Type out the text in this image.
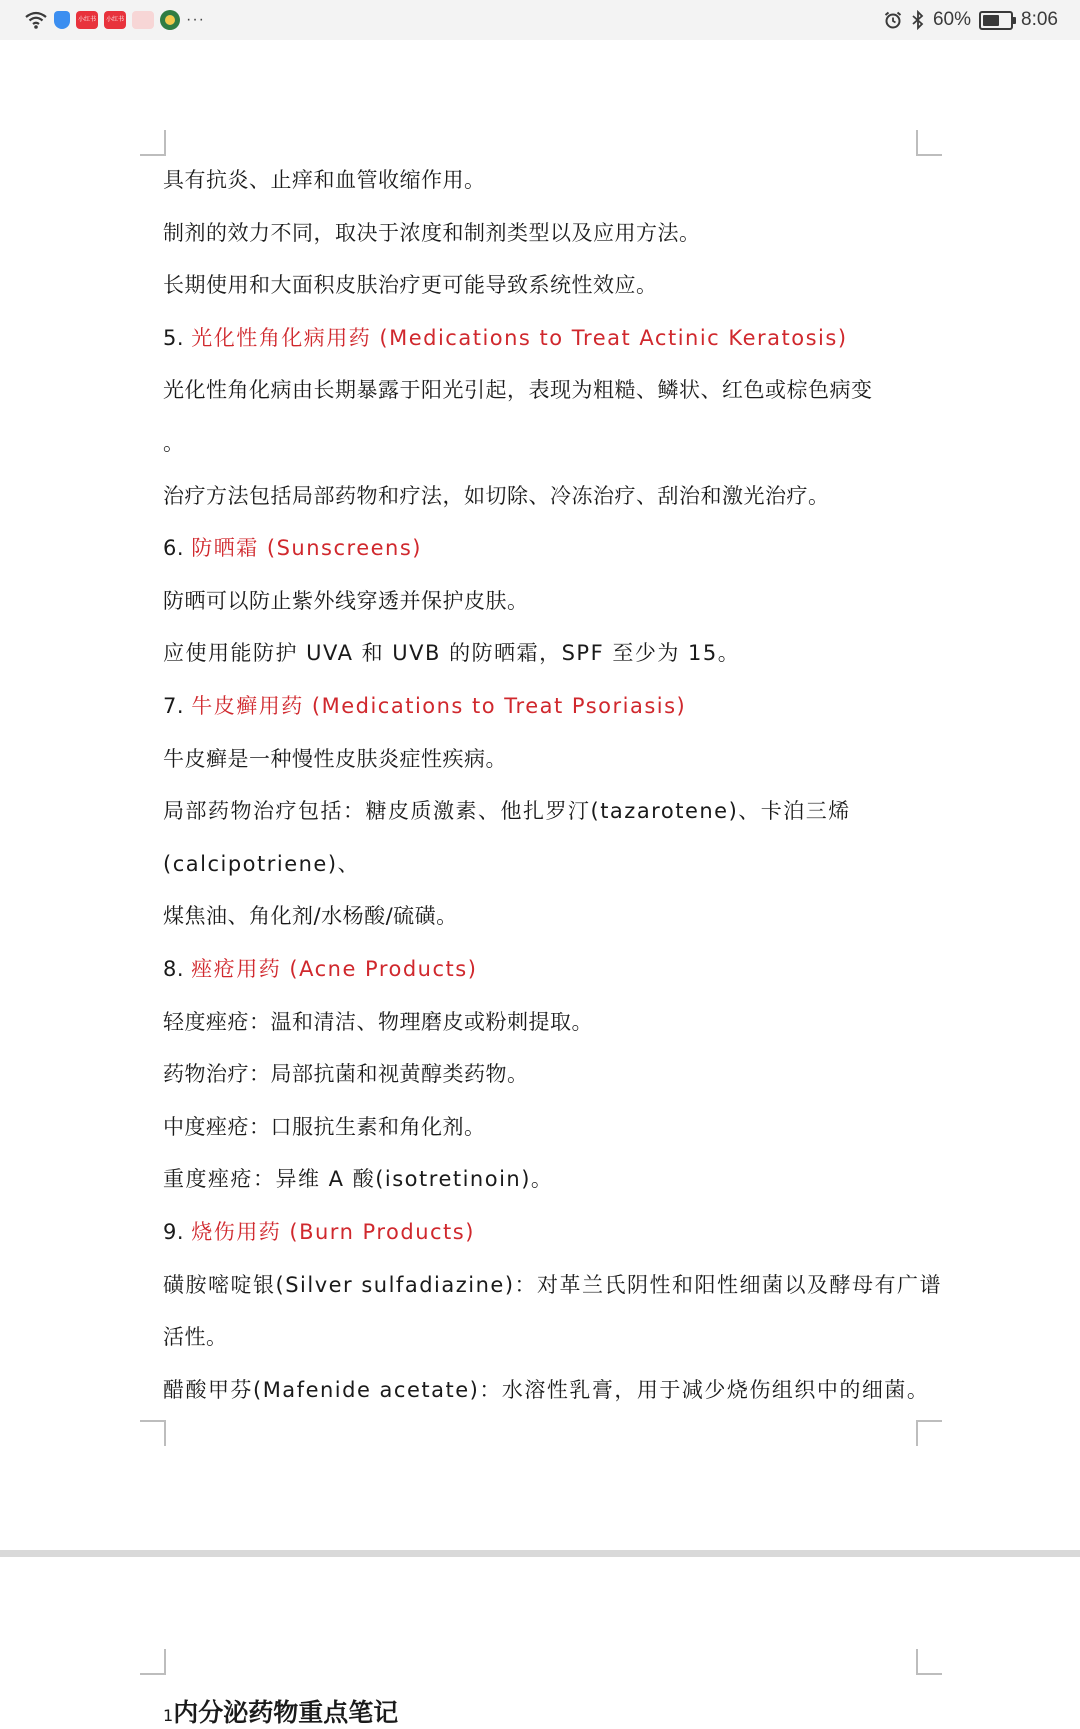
小红书	小红书	···	60%	8:06
具有抗炎、止痒和血管收缩作用。
制剂的效力不同，取决于浓度和制剂类型以及应用方法。
长期使用和大面积皮肤治疗更可能导致系统性效应。
5. 光化性角化病用药 (Medications to Treat Actinic Keratosis)
光化性角化病由长期暴露于阳光引起，表现为粗糙、鳞状、红色或棕色病变
。
治疗方法包括局部药物和疗法，如切除、冷冻治疗、刮治和激光治疗。
6. 防晒霜 (Sunscreens)
防晒可以防止紫外线穿透并保护皮肤。
应使用能防护 UVA 和 UVB 的防晒霜，SPF 至少为 15。
7. 牛皮癣用药 (Medications to Treat Psoriasis)
牛皮癣是一种慢性皮肤炎症性疾病。
局部药物治疗包括：糖皮质激素、他扎罗汀(tazarotene)、卡泊三烯
(calcipotriene)、
煤焦油、角化剂/水杨酸/硫磺。
8. 痤疮用药 (Acne Products)
轻度痤疮：温和清洁、物理磨皮或粉刺提取。
药物治疗：局部抗菌和视黄醇类药物。
中度痤疮：口服抗生素和角化剂。
重度痤疮：异维 A 酸(isotretinoin)。
9. 烧伤用药 (Burn Products)
磺胺嘧啶银(Silver sulfadiazine)：对革兰氏阴性和阳性细菌以及酵母有广谱
活性。
醋酸甲芬(Mafenide acetate)：水溶性乳膏，用于减少烧伤组织中的细菌。
1内分泌药物重点笔记
